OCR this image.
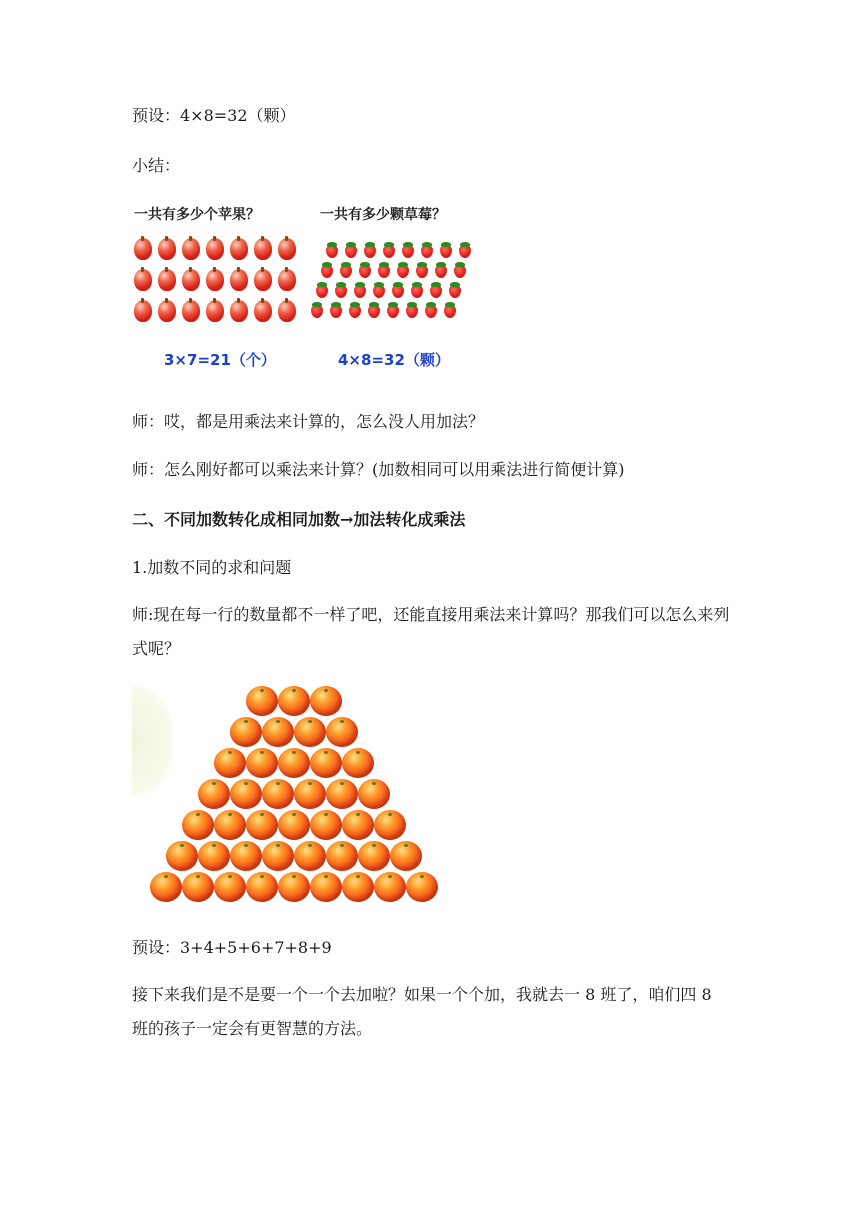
预设：4×8=32（颗）
小结：
一共有多少个苹果？	一共有多少颗草莓？
3×7=21（个）	4×8=32（颗）
师：哎，都是用乘法来计算的，怎么没人用加法？
师：怎么刚好都可以乘法来计算？(加数相同可以用乘法进行简便计算)
二、不同加数转化成相同加数→加法转化成乘法
1.加数不同的求和问题
师:现在每一行的数量都不一样了吧，还能直接用乘法来计算吗？那我们可以怎么来列式呢？
预设：3+4+5+6+7+8+9
接下来我们是不是要一个一个去加啦？如果一个个加，我就去一 8 班了，咱们四 8 班的孩子一定会有更智慧的方法。
